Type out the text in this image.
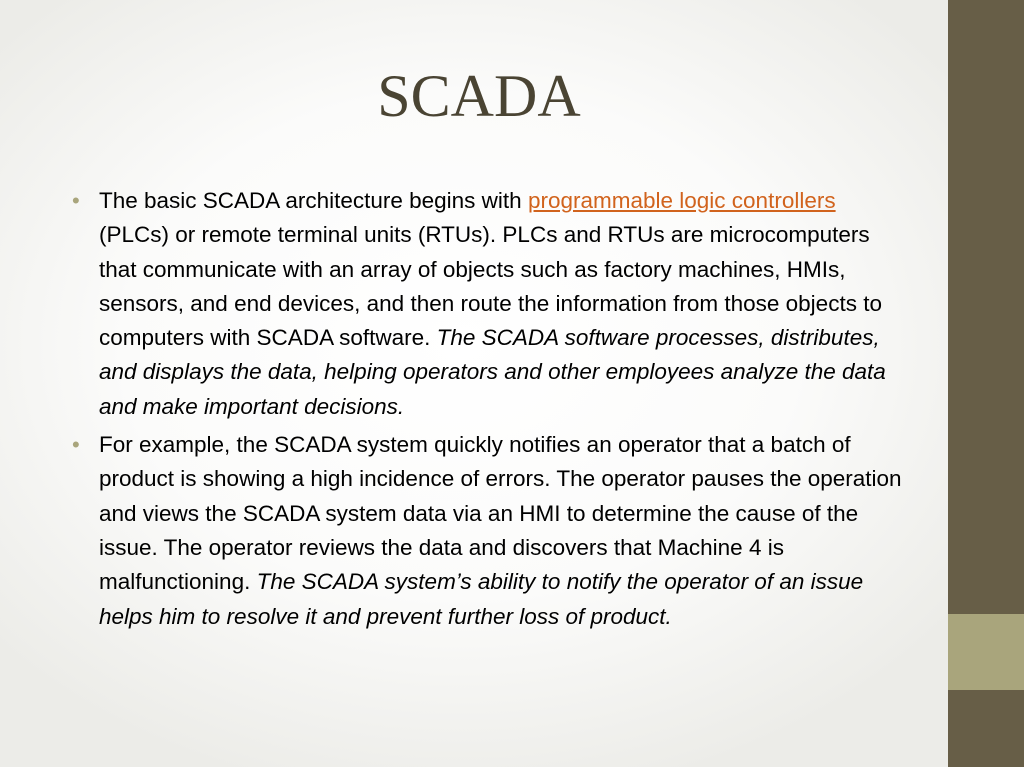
SCADA
• The basic SCADA architecture begins with programmable logic controllers (PLCs) or remote terminal units (RTUs). PLCs and RTUs are microcomputers that communicate with an array of objects such as factory machines, HMIs, sensors, and end devices, and then route the information from those objects to computers with SCADA software. The SCADA software processes, distributes, and displays the data, helping operators and other employees analyze the data and make important decisions.
• For example, the SCADA system quickly notifies an operator that a batch of product is showing a high incidence of errors. The operator pauses the operation and views the SCADA system data via an HMI to determine the cause of the issue. The operator reviews the data and discovers that Machine 4 is malfunctioning. The SCADA system’s ability to notify the operator of an issue helps him to resolve it and prevent further loss of product.
